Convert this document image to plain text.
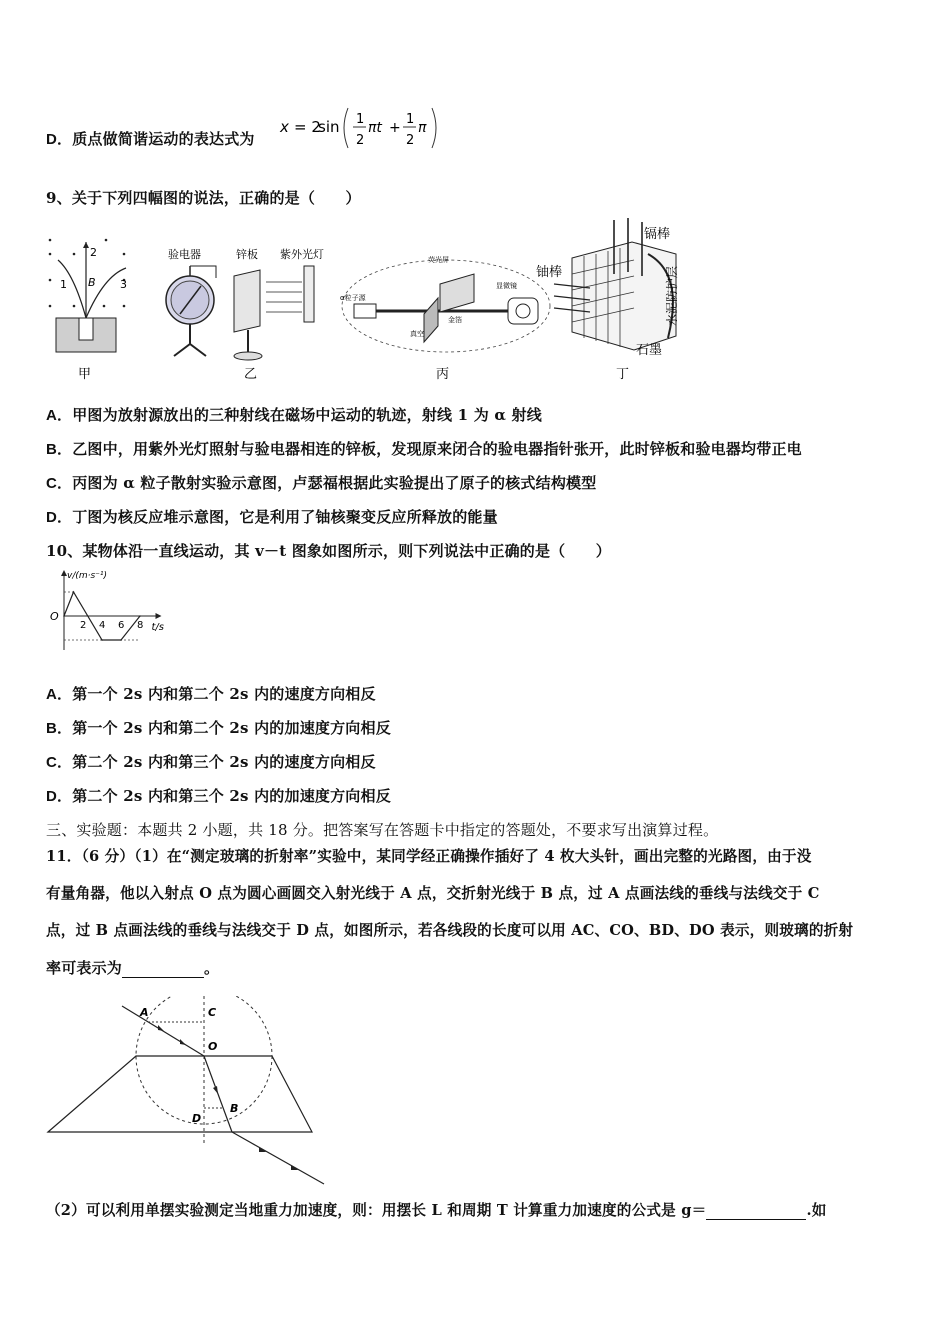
D．质点做简谐运动的表达式为
x = 2
sin 1
2
πt +
1
2
π
9、关于下列四幅图的说法，正确的是（　　）
1
2
3
B
甲
验电器	锌板 紫外光灯
乙
α粒子源
荧光屏
金箔
显微镜
真空
丙
镉棒
铀棒	水泥防护层
石墨
丁
A．甲图为放射源放出的三种射线在磁场中运动的轨迹，射线 1 为 α 射线
B．乙图中，用紫外光灯照射与验电器相连的锌板，发现原来闭合的验电器指针张开，此时锌板和验电器均带正电
C．丙图为 α 粒子散射实验示意图，卢瑟福根据此实验提出了原子的核式结构模型
D．丁图为核反应堆示意图，它是利用了铀核聚变反应所释放的能量
10、某物体沿一直线运动，其 v－t 图象如图所示，则下列说法中正确的是（　　）
v/(m·s⁻¹)
t/s
O
2 4 6 8
A．第一个 2s 内和第二个 2s 内的速度方向相反
B．第一个 2s 内和第二个 2s 内的加速度方向相反
C．第二个 2s 内和第三个 2s 内的速度方向相反
D．第二个 2s 内和第三个 2s 内的加速度方向相反
三、实验题：本题共 2 小题，共 18 分。把答案写在答题卡中指定的答题处，不要求写出演算过程。
11．（6 分）（1）在“测定玻璃的折射率”实验中，某同学经正确操作插好了 4 枚大头针，画出完整的光路图，由于没
有量角器，他以入射点 O 点为圆心画圆交入射光线于 A 点，交折射光线于 B 点，过 A 点画法线的垂线与法线交于 C
点，过 B 点画法线的垂线与法线交于 D 点，如图所示，若各线段的长度可以用 AC、CO、BD、DO 表示，则玻璃的折射
率可表示为	。
A	C
O
D
B
（2）可以利用单摆实验测定当地重力加速度，则：用摆长 L 和周期 T 计算重力加速度的公式是 g＝	.如
